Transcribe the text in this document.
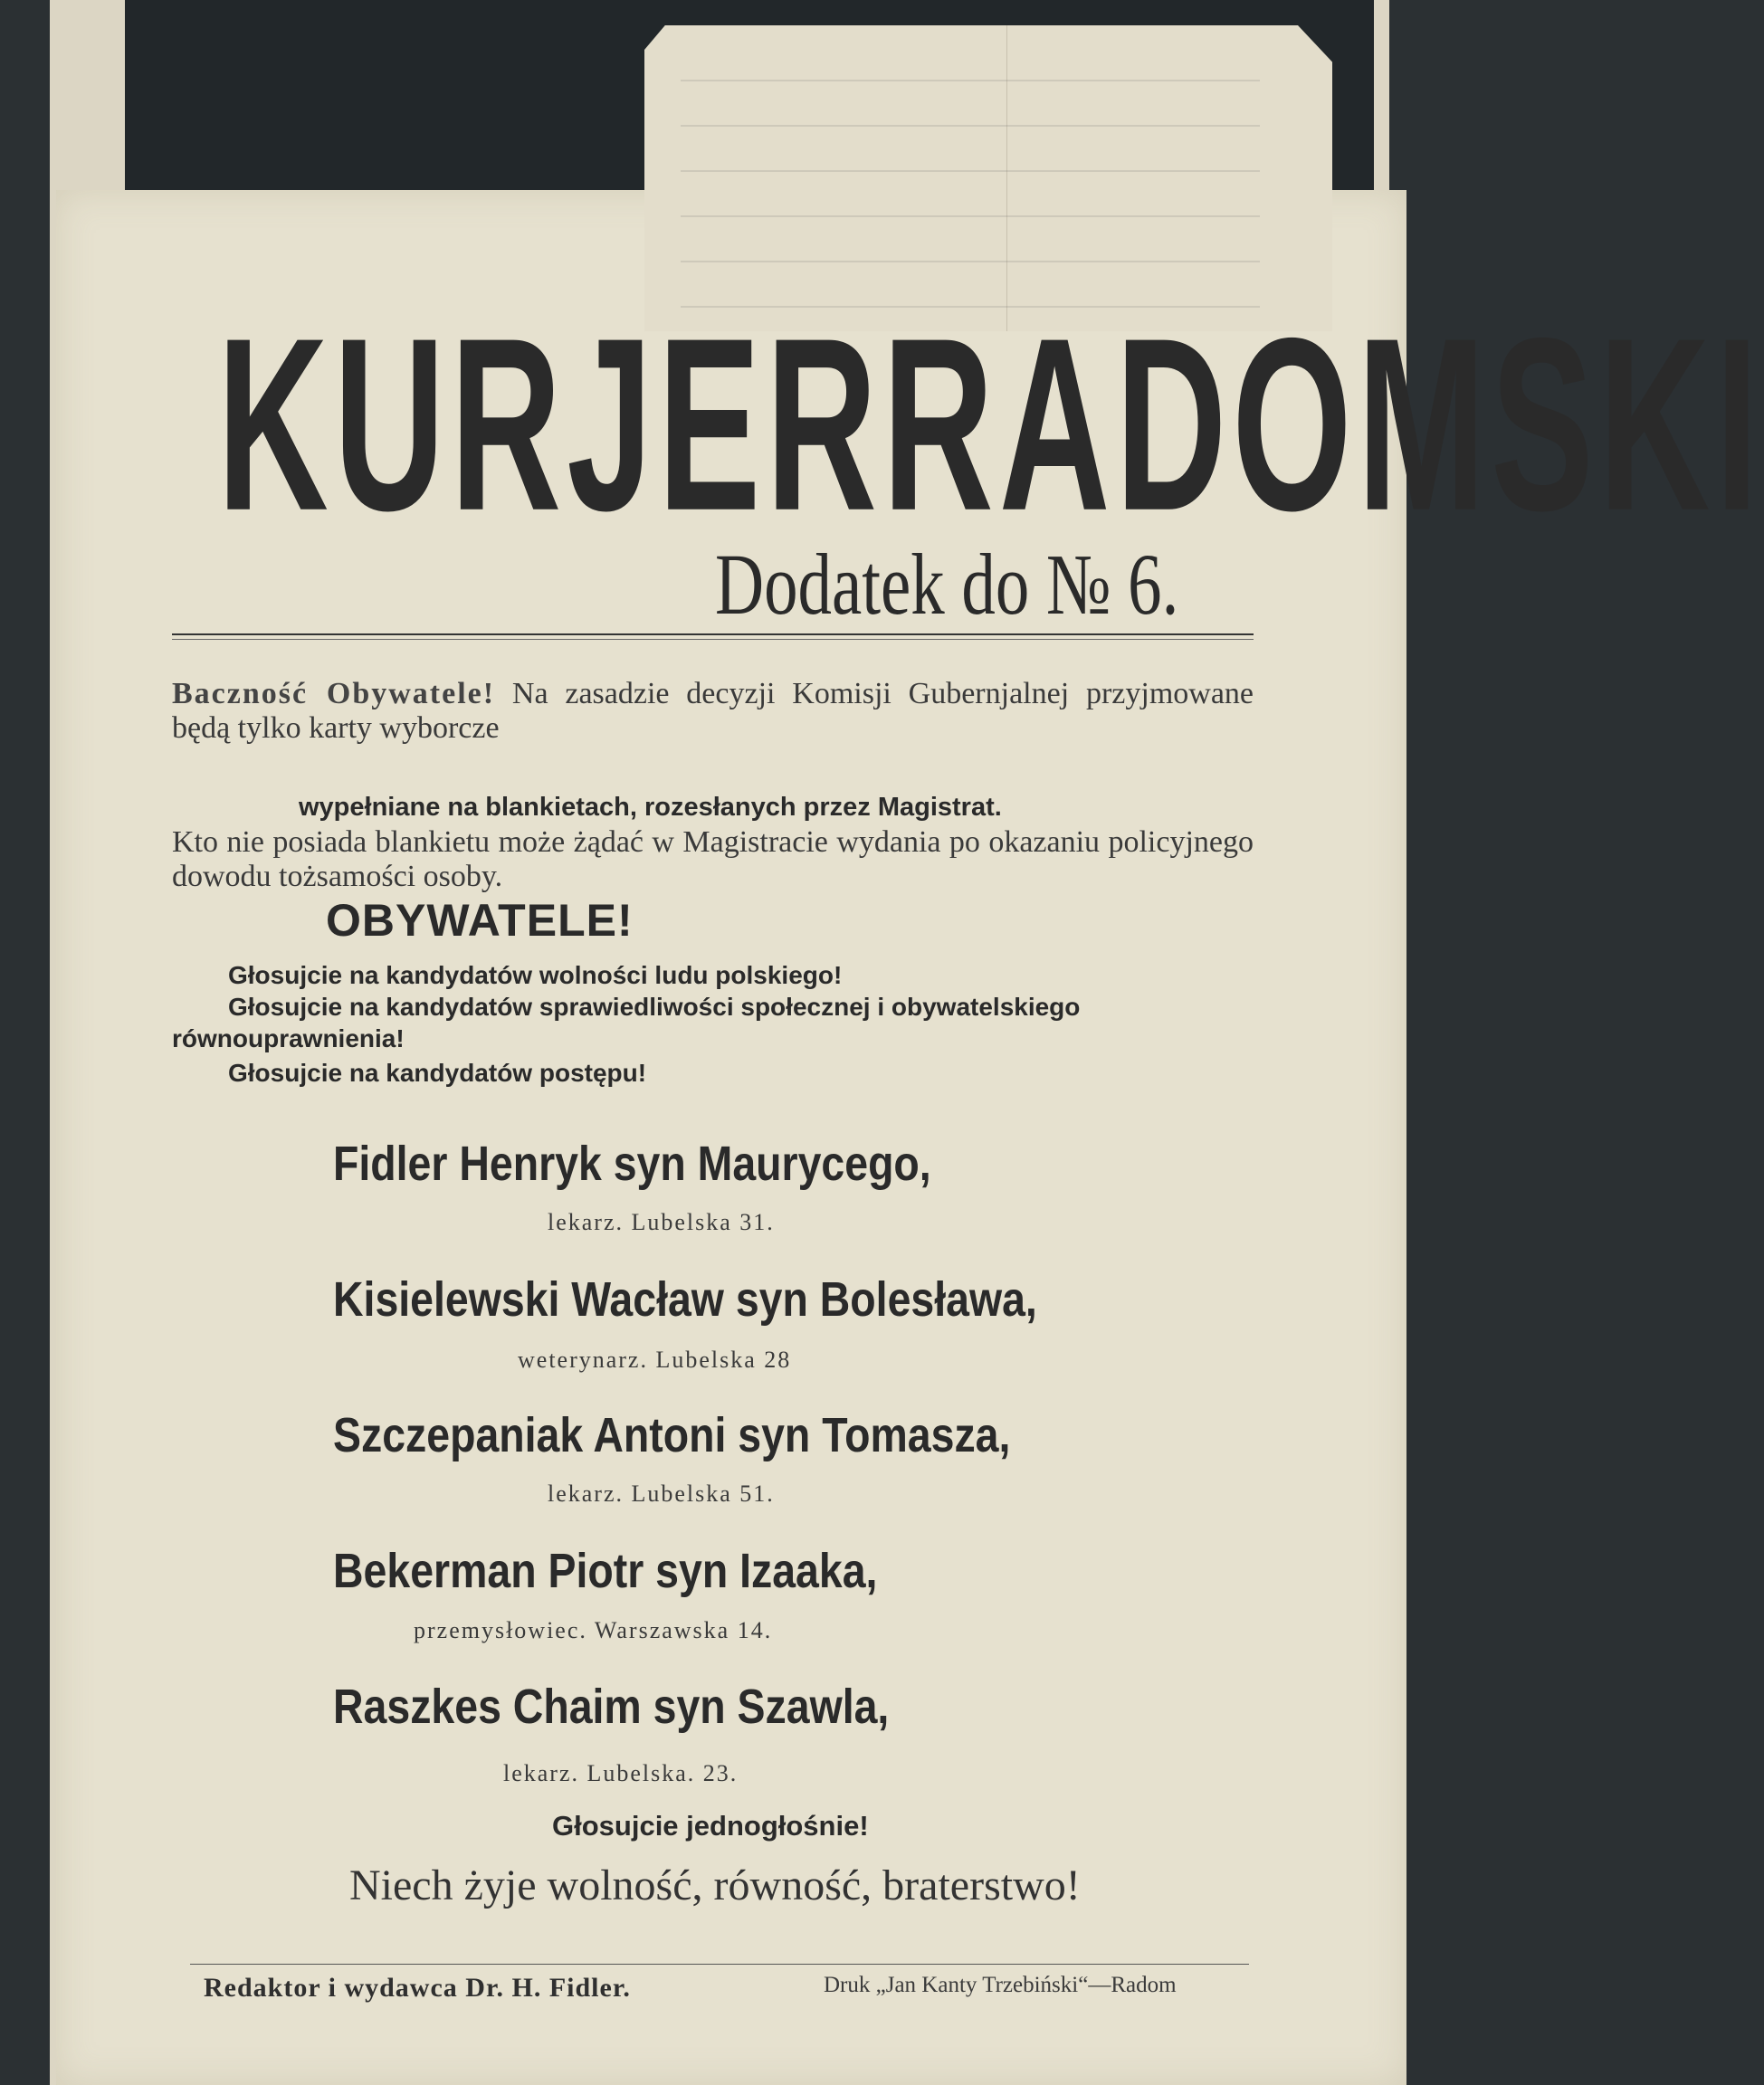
KURJER RADOMSKI
Dodatek do № 6.
Baczność Obywatele! Na zasadzie decyzji Komisji Gubernjalnej przyjmowane będą tylko karty wyborcze
wypełniane na blankietach, rozesłanych przez Magistrat.
Kto nie posiada blankietu może żądać w Magistracie wydania po okazaniu policyjnego dowodu tożsamości osoby.
OBYWATELE!
Głosujcie na kandydatów wolności ludu polskiego!
Głosujcie na kandydatów sprawiedliwości społecznej i obywatelskiego
równouprawnienia!
Głosujcie na kandydatów postępu!
Fidler Henryk syn Maurycego,
lekarz. Lubelska 31.
Kisielewski Wacław syn Bolesława,
weterynarz. Lubelska 28
Szczepaniak Antoni syn Tomasza,
lekarz. Lubelska 51.
Bekerman Piotr syn Izaaka,
przemysłowiec. Warszawska 14.
Raszkes Chaim syn Szawla,
lekarz. Lubelska. 23.
Głosujcie jednogłośnie!
Niech żyje wolność, równość, braterstwo!
Redaktor i wydawca Dr. H. Fidler.	Druk „Jan Kanty Trzebiński“—Radom
